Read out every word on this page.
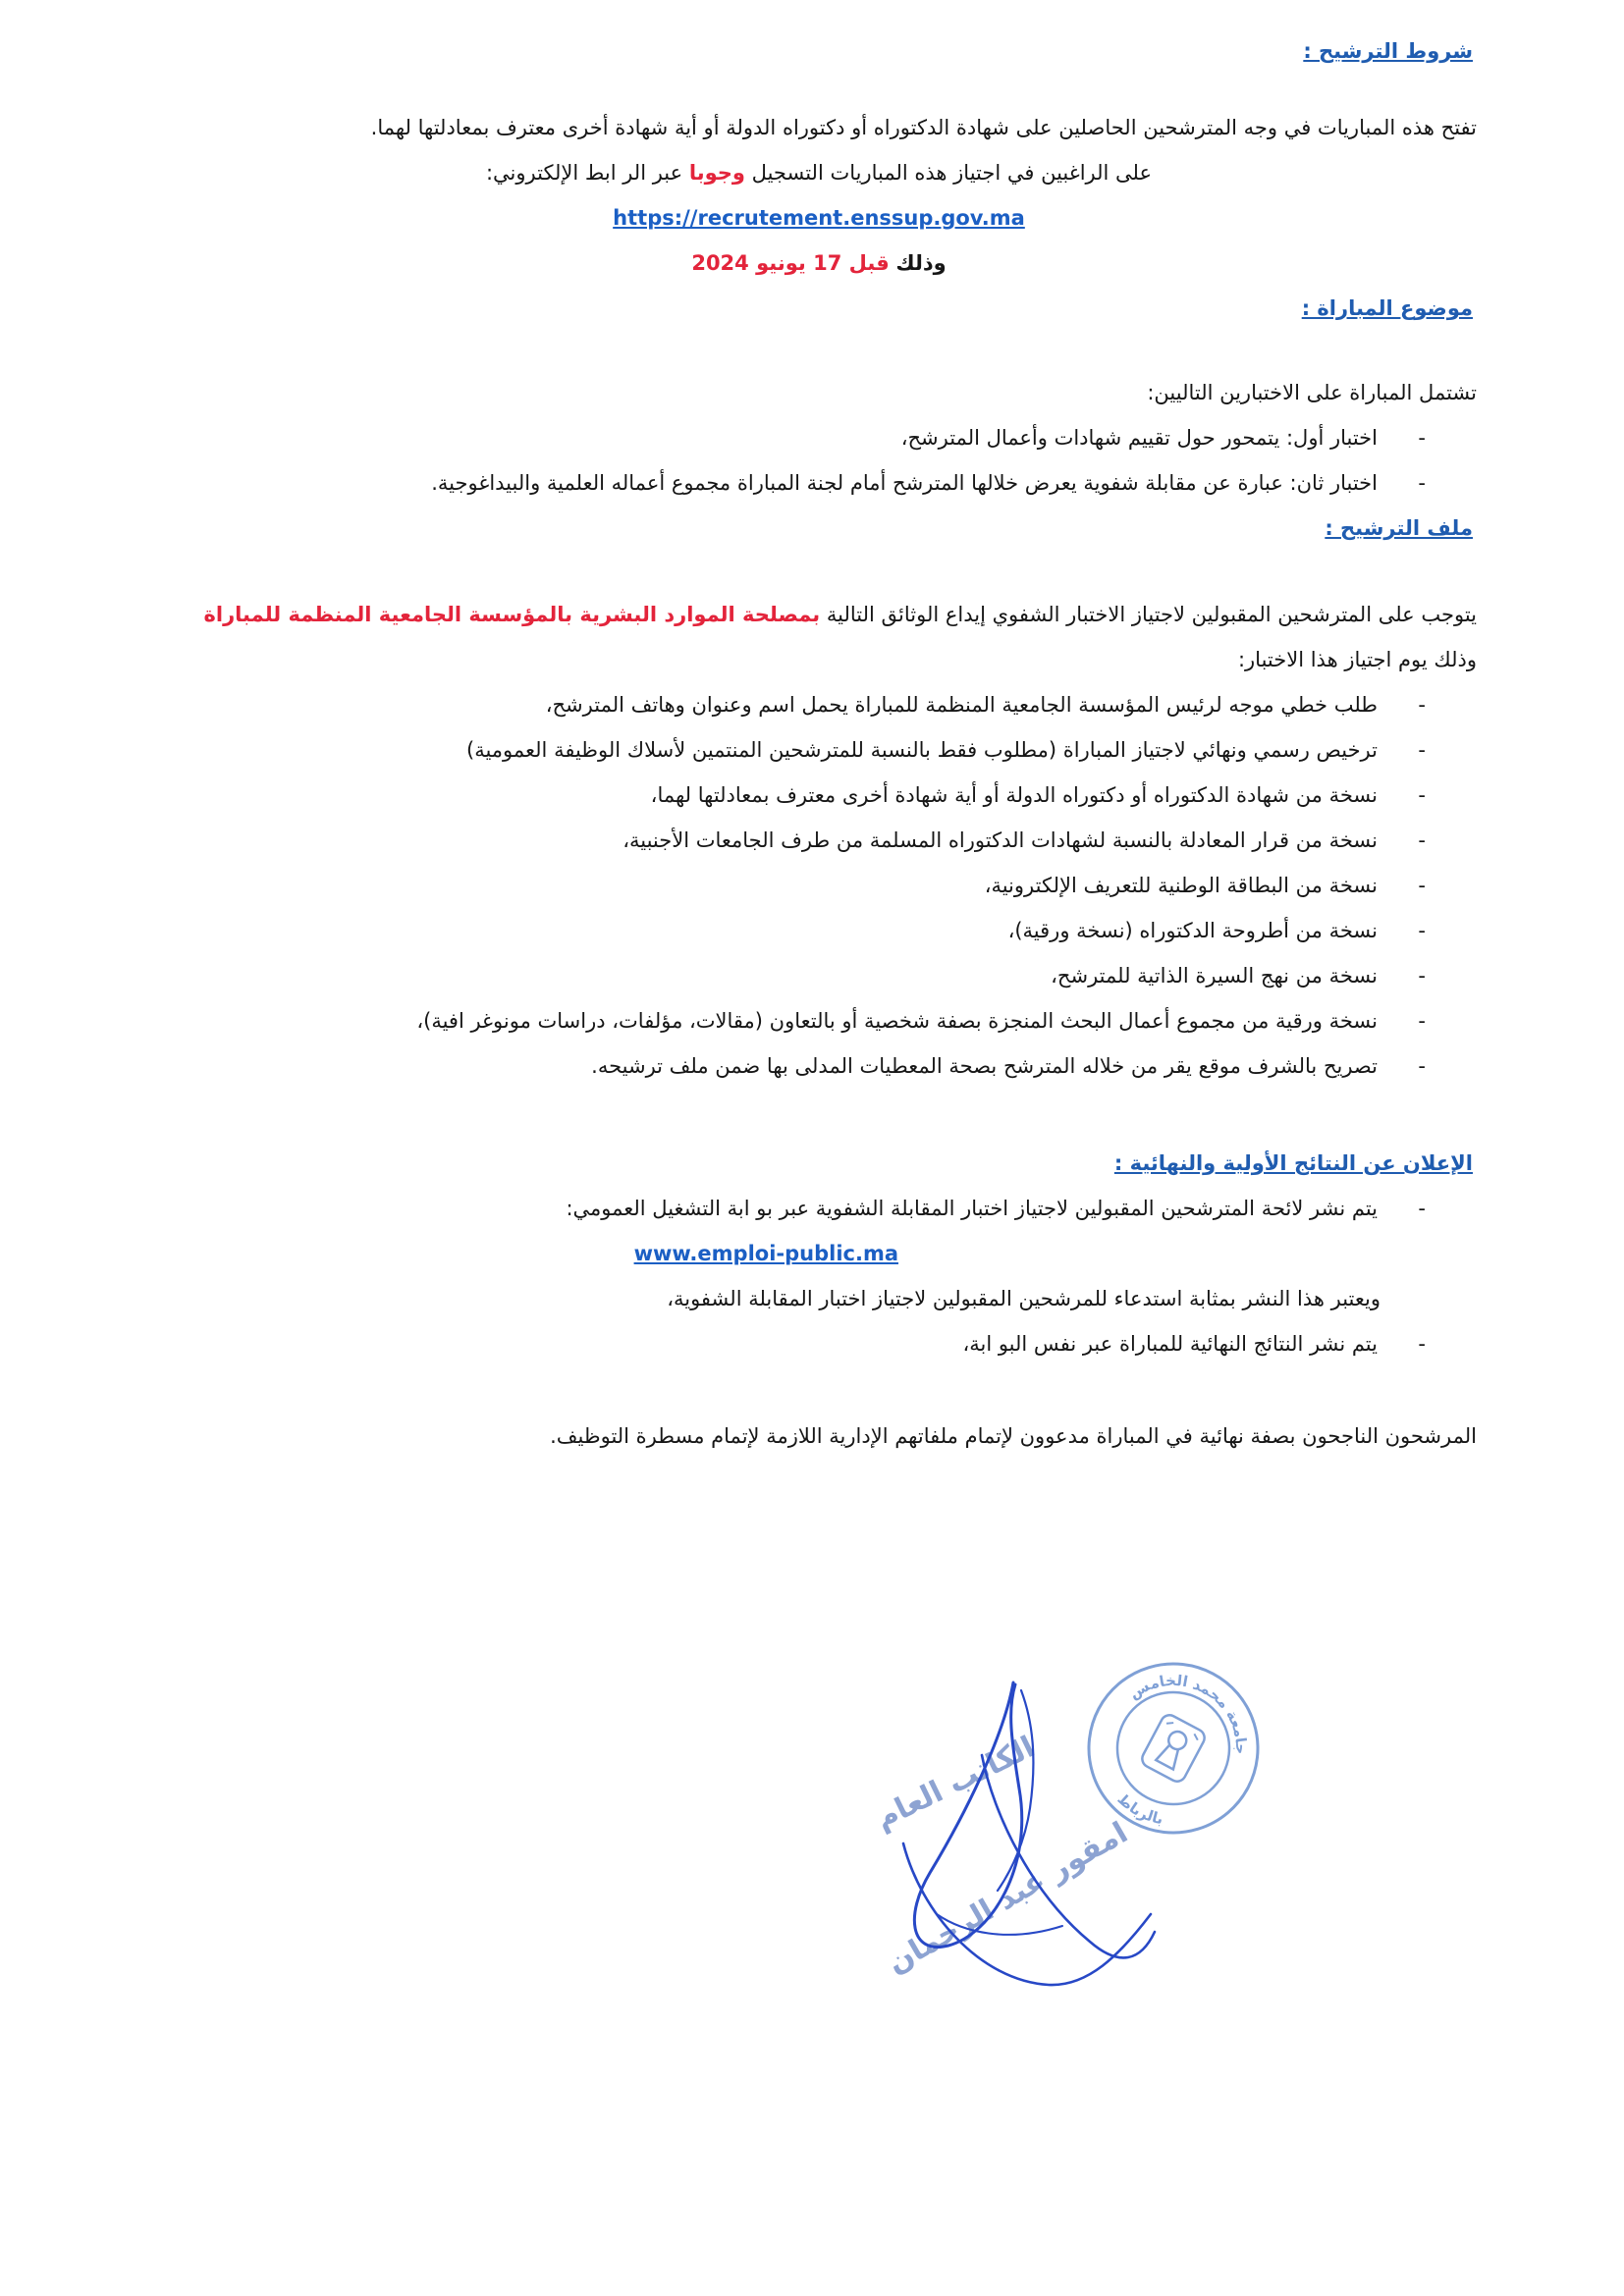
شروط الترشيح :

تفتح هذه المباريات في وجه المترشحين الحاصلين على شهادة الدكتوراه أو دكتوراه الدولة أو أية شهادة أخرى معترف بمعادلتها لهما.

على الراغبين في اجتياز هذه المباريات التسجيل وجوبا عبر الر ابط الإلكتروني:

https://recrutement.enssup.gov.ma

وذلك قبل 17 يونيو 2024

موضوع المباراة :

تشتمل المباراة على الاختبارين التاليين:

-
اختبار أول: يتمحور حول تقييم شهادات وأعمال المترشح،
-
اختبار ثان: عبارة عن مقابلة شفوية يعرض خلالها المترشح أمام لجنة المباراة مجموع أعماله العلمية والبيداغوجية.
ملف الترشيح :

يتوجب على المترشحين المقبولين لاجتياز الاختبار الشفوي إيداع الوثائق التالية بمصلحة الموارد البشرية بالمؤسسة الجامعية المنظمة للمباراة

وذلك يوم اجتياز هذا الاختبار:

-
طلب خطي موجه لرئيس المؤسسة الجامعية المنظمة للمباراة يحمل اسم وعنوان وهاتف المترشح،
-
ترخيص رسمي ونهائي لاجتياز المباراة (مطلوب فقط بالنسبة للمترشحين المنتمين لأسلاك الوظيفة العمومية)
-
نسخة من شهادة الدكتوراه أو دكتوراه الدولة أو أية شهادة أخرى معترف بمعادلتها لهما،
-
نسخة من قرار المعادلة بالنسبة لشهادات الدكتوراه المسلمة من طرف الجامعات الأجنبية،
-
نسخة من البطاقة الوطنية للتعريف الإلكترونية،
-
نسخة من أطروحة الدكتوراه (نسخة ورقية)،
-
نسخة من نهج السيرة الذاتية للمترشح،
-
نسخة ورقية من مجموع أعمال البحث المنجزة بصفة شخصية أو بالتعاون (مقالات، مؤلفات، دراسات مونوغر افية)،
-
تصريح بالشرف موقع يقر من خلاله المترشح بصحة المعطيات المدلى بها ضمن ملف ترشيحه.
الإعلان عن النتائج الأولية والنهائية :
-
يتم نشر لائحة المترشحين المقبولين لاجتياز اختبار المقابلة الشفوية عبر بو ابة التشغيل العمومي:

www.emploi-public.ma

ويعتبر هذا النشر بمثابة استدعاء للمرشحين المقبولين لاجتياز اختبار المقابلة الشفوية،

-
يتم نشر النتائج النهائية للمباراة عبر نفس البو ابة،

المرشحون الناجحون بصفة نهائية في المباراة مدعوون لإتمام ملفاتهم الإدارية اللازمة لإتمام مسطرة التوظيف.

جامعة محمد الخامس
بالرباط
الكاتب العام
امقور عبد الرحمان
